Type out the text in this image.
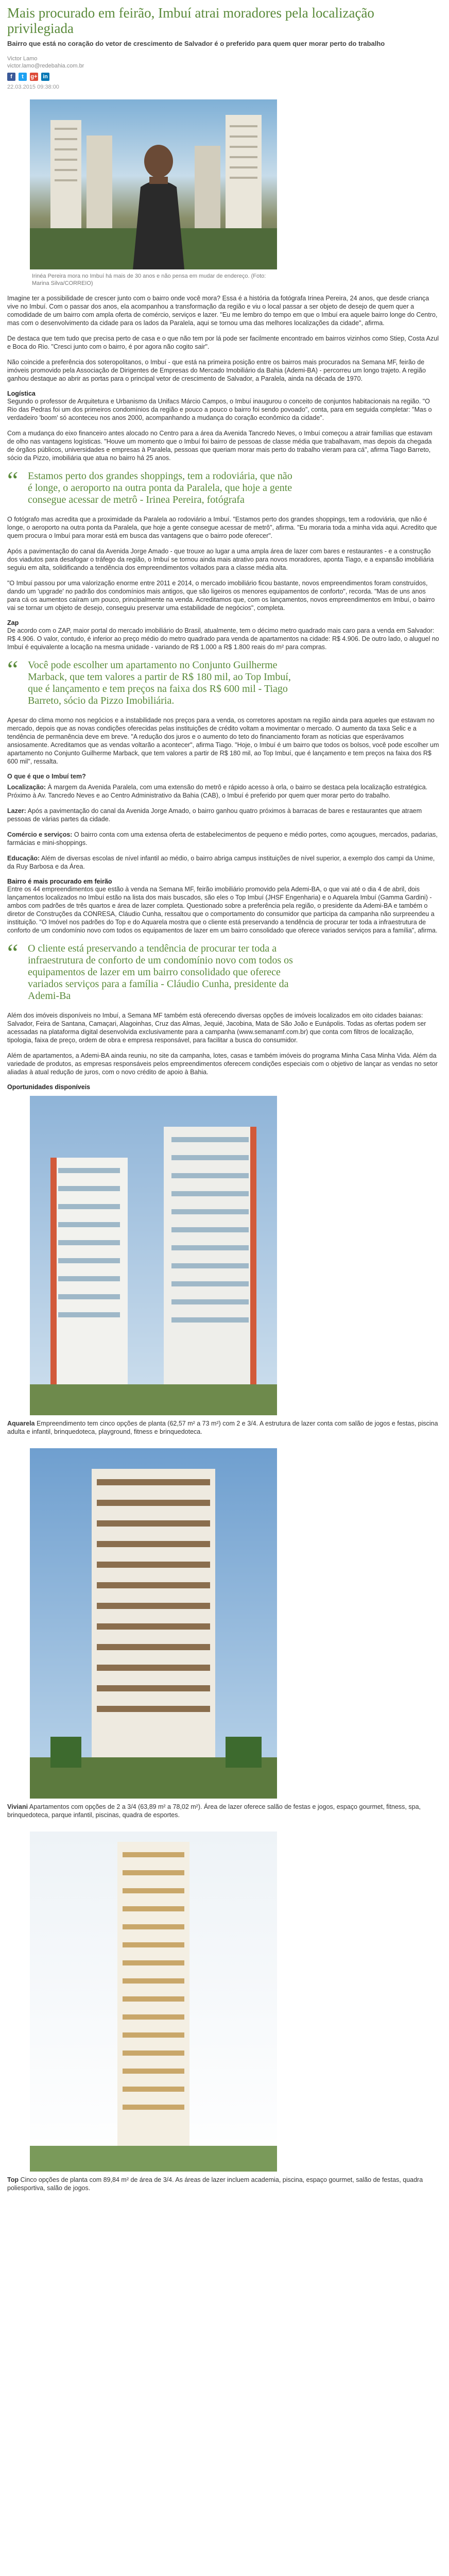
Mais procurado em feirão, Imbuí atrai moradores pela localização privilegiada
Bairro que está no coração do vetor de crescimento de Salvador é o preferido para quem quer morar perto do trabalho
Victor Lamo
victor.lamo@redebahia.com.br
f	t	g+ in
22.03.2015 09:38:00
Irinéa Pereira mora no Imbuí há mais de 30 anos e não pensa em mudar de endereço. (Foto: Marina Silva/CORREIO)

Imagine ter a possibilidade de crescer junto com o bairro onde você mora? Essa é a história da fotógrafa Irinea Pereira, 24 anos, que desde criança vive no Imbuí. Com o passar dos anos, ela acompanhou a transformação da região e viu o local passar a ser objeto de desejo de quem quer a comodidade de um bairro com ampla oferta de comércio, serviços e lazer. "Eu me lembro do tempo em que o Imbuí era aquele bairro longe do Centro, mas com o desenvolvimento da cidade para os lados da Paralela, aqui se tornou uma das melhores localizações da cidade", afirma.

De destaca que tem tudo que precisa perto de casa e o que não tem por lá pode ser facilmente encontrado em bairros vizinhos como Stiep, Costa Azul e Boca do Rio. "Cresci junto com o bairro, é por agora não cogito sair".

Não coincide a preferência dos soteropolitanos, o Imbuí - que está na primeira posição entre os bairros mais procurados na Semana MF, feirão de imóveis promovido pela Associação de Dirigentes de Empresas do Mercado Imobiliário da Bahia (Ademi-BA) - percorreu um longo trajeto. A região ganhou destaque ao abrir as portas para o principal vetor de crescimento de Salvador, a Paralela, ainda na década de 1970.

Logística

Segundo o professor de Arquitetura e Urbanismo da Unifacs Márcio Campos, o Imbuí inaugurou o conceito de conjuntos habitacionais na região. "O Rio das Pedras foi um dos primeiros condomínios da região e pouco a pouco o bairro foi sendo povoado", conta, para em seguida completar: "Mas o verdadeiro 'boom' só aconteceu nos anos 2000, acompanhando a mudança do coração econômico da cidade".

Com a mudança do eixo financeiro antes alocado no Centro para a área da Avenida Tancredo Neves, o Imbuí começou a atrair famílias que estavam de olho nas vantagens logísticas. "Houve um momento que o Imbuí foi bairro de pessoas de classe média que trabalhavam, mas depois da chegada de órgãos públicos, universidades e empresas à Paralela, pessoas que queriam morar mais perto do trabalho vieram para cá", afirma Tiago Barreto, sócio da Pizzo, imobiliária que atua no bairro há 25 anos.

“ Estamos perto dos grandes shoppings, tem a rodoviária, que não é longe, o aeroporto na outra ponta da Paralela, que hoje a gente consegue acessar de metrô - Irinea Pereira, fotógrafa

O fotógrafo mas acredita que a proximidade da Paralela ao rodoviário a Imbuí. "Estamos perto dos grandes shoppings, tem a rodoviária, que não é longe, o aeroporto na outra ponta da Paralela, que hoje a gente consegue acessar de metrô", afirma. "Eu moraria toda a minha vida aqui. Acredito que quem procura o Imbuí para morar está em busca das vantagens que o bairro pode oferecer".

Após a pavimentação do canal da Avenida Jorge Amado - que trouxe ao lugar a uma ampla área de lazer com bares e restaurantes - e a construção dos viadutos para desafogar o tráfego da região, o Imbuí se tornou ainda mais atrativo para novos moradores, aponta Tiago, e a expansão imobiliária seguiu em alta, solidificando a tendência dos empreendimentos voltados para a classe média alta.

"O Imbuí passou por uma valorização enorme entre 2011 e 2014, o mercado imobiliário ficou bastante, novos empreendimentos foram construídos, dando um 'upgrade' no padrão dos condomínios mais antigos, que são ligeiros os menores equipamentos de conforto", recorda. "Mas de uns anos para cá os aumentos caíram um pouco, principalmente na venda. Acreditamos que, com os lançamentos, novos empreendimentos em Imbuí, o bairro vai se tornar um objeto de desejo, conseguiu preservar uma estabilidade de negócios", completa.

Zap

De acordo com o ZAP, maior portal do mercado imobiliário do Brasil, atualmente, tem o décimo metro quadrado mais caro para a venda em Salvador: R$ 4.906. O valor, contudo, é inferior ao preço médio do metro quadrado para venda de apartamentos na cidade: R$ 4.906. De outro lado, o aluguel no Imbuí é equivalente a locação na mesma unidade - variando de R$ 1.000 a R$ 1.800 reais do m² para compras.

“ Você pode escolher um apartamento no Conjunto Guilherme Marback, que tem valores a partir de R$ 180 mil, ao Top Imbuí, que é lançamento e tem preços na faixa dos R$ 600 mil - Tiago Barreto, sócio da Pizzo Imobiliária.

Apesar do clima morno nos negócios e a instabilidade nos preços para a venda, os corretores apostam na região ainda para aqueles que estavam no mercado, depois que as novas condições oferecidas pelas instituições de crédito voltam a movimentar o mercado. O aumento da taxa Selic e a tendência de permanência deve em breve. "A redução dos juros e o aumento do teto do financiamento foram as notícias que esperávamos ansiosamente. Acreditamos que as vendas voltarão a acontecer", afirma Tiago. "Hoje, o Imbuí é um bairro que todos os bolsos, você pode escolher um apartamento no Conjunto Guilherme Marback, que tem valores a partir de R$ 180 mil, ao Top Imbuí, que é lançamento e tem preços na faixa dos R$ 600 mil", ressalta.

O que é que o Imbuí tem?

Localização: À margem da Avenida Paralela, com uma extensão do metrô e rápido acesso à orla, o bairro se destaca pela localização estratégica. Próximo à Av. Tancredo Neves e ao Centro Administrativo da Bahia (CAB), o Imbuí é preferido por quem quer morar perto do trabalho.

Lazer: Após a pavimentação do canal da Avenida Jorge Amado, o bairro ganhou quatro próximos à barracas de bares e restaurantes que atraem pessoas de várias partes da cidade.

Comércio e serviços: O bairro conta com uma extensa oferta de estabelecimentos de pequeno e médio portes, como açougues, mercados, padarias, farmácias e mini-shoppings.

Educação: Além de diversas escolas de nível infantil ao médio, o bairro abriga campus instituições de nível superior, a exemplo dos campi da Unime, da Ruy Barbosa e da Área.

Bairro é mais procurado em feirão

Entre os 44 empreendimentos que estão à venda na Semana MF, feirão imobiliário promovido pela Ademi-BA, o que vai até o dia 4 de abril, dois lançamentos localizados no Imbuí estão na lista dos mais buscados, são eles o Top Imbuí (JHSF Engenharia) e o Aquarela Imbuí (Gamma Gardini) - ambos com padrões de três quartos e área de lazer completa. Questionado sobre a preferência pela região, o presidente da Ademi-BA e também o diretor de Construções da CONRESA, Cláudio Cunha, ressaltou que o comportamento do consumidor que participa da campanha não surpreendeu a instituição. "O Imóvel nos padrões do Top e do Aquarela mostra que o cliente está preservando a tendência de procurar ter toda a infraestrutura de conforto de um condomínio novo com todos os equipamentos de lazer em um bairro consolidado que oferece variados serviços para a família", afirma.

“ O cliente está preservando a tendência de procurar ter toda a infraestrutura de conforto de um condomínio novo com todos os equipamentos de lazer em um bairro consolidado que oferece variados serviços para a família - Cláudio Cunha, presidente da Ademi-Ba

Além dos imóveis disponíveis no Imbuí, a Semana MF também está oferecendo diversas opções de imóveis localizados em oito cidades baianas: Salvador, Feira de Santana, Camaçari, Alagoinhas, Cruz das Almas, Jequié, Jacobina, Mata de São João e Eunápolis. Todas as ofertas podem ser acessadas na plataforma digital desenvolvida exclusivamente para a campanha (www.semanamf.com.br) que conta com filtros de localização, tipologia, faixa de preço, ordem de obra e empresa responsável, para facilitar a busca do consumidor.

Além de apartamentos, a Ademi-BA ainda reuniu, no site da campanha, lotes, casas e também imóveis do programa Minha Casa Minha Vida. Além da variedade de produtos, as empresas responsáveis pelos empreendimentos oferecem condições especiais com o objetivo de lançar as vendas no setor aliadas à atual redução de juros, com o novo crédito de apoio à Bahia.

Oportunidades disponíveis
Aquarela Empreendimento tem cinco opções de planta (62,57 m² a 73 m²) com 2 e 3/4. A estrutura de lazer conta com salão de jogos e festas, piscina adulta e infantil, brinquedoteca, playground, fitness e brinquedoteca.
Viviani Apartamentos com opções de 2 a 3/4 (63,89 m² a 78,02 m²). Área de lazer oferece salão de festas e jogos, espaço gourmet, fitness, spa, brinquedoteca, parque infantil, piscinas, quadra de esportes.
Top Cinco opções de planta com 89,84 m² de área de 3/4. As áreas de lazer incluem academia, piscina, espaço gourmet, salão de festas, quadra poliesportiva, salão de jogos.
